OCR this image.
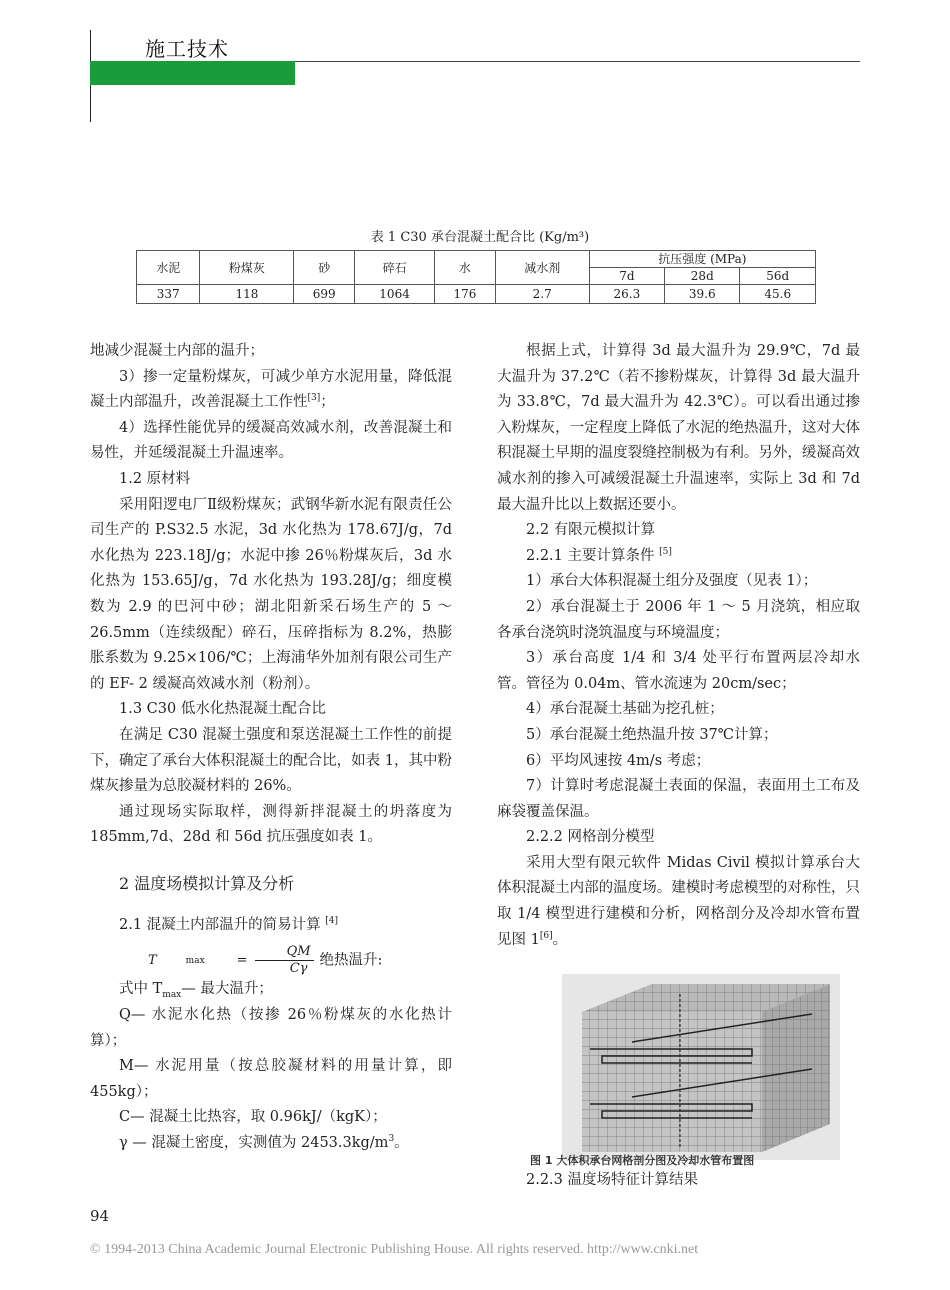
施工技术
表 1 C30 承台混凝土配合比 (Kg/m³)
水泥	粉煤灰	砂	碎石	水	减水剂	抗压强度 (MPa)		
						7d	28d	56d
337	118	699	1064	176	2.7	26.3	39.6	45.6

地减少混凝土内部的温升；

3）掺一定量粉煤灰，可减少单方水泥用量，降低混凝土内部温升，改善混凝土工作性[3]；

4）选择性能优异的缓凝高效减水剂，改善混凝土和易性，并延缓混凝土升温速率。

1.2 原材料

采用阳逻电厂Ⅱ级粉煤灰；武钢华新水泥有限责任公司生产的 P.S32.5 水泥，3d 水化热为 178.67J/g，7d 水化热为 223.18J/g；水泥中掺 26％粉煤灰后，3d 水化热为 153.65J/g，7d 水化热为 193.28J/g；细度模数为 2.9 的巴河中砂；湖北阳新采石场生产的 5 ～ 26.5mm（连续级配）碎石，压碎指标为 8.2%，热膨胀系数为 9.25×106/℃；上海浦华外加剂有限公司生产的 EF- 2 缓凝高效减水剂（粉剂）。

1.3 C30 低水化热混凝土配合比

在满足 C30 混凝土强度和泵送混凝土工作性的前提下，确定了承台大体积混凝土的配合比，如表 1，其中粉煤灰掺量为总胶凝材料的 26%。

通过现场实际取样，测得新拌混凝土的坍落度为 185mm,7d、28d 和 56d 抗压强度如表 1。

2 温度场模拟计算及分析

2.1 混凝土内部温升的简易计算 [4]

T	max	= $\frac{QM}{C\gamma}$ 绝热温升:

式中 $T_{max}—$ 最大温升；

Q— 水泥水化热（按掺 26％粉煤灰的水化热计算）；

M— 水泥用量（按总胶凝材料的用量计算，即 455kg）；

C— 混凝土比热容，取 0.96kJ/（kgK）；

γ — 混凝土密度，实测值为 $2453.3kg/m^3$。

根据上式，计算得 3d 最大温升为 29.9℃，7d 最大温升为 37.2℃（若不掺粉煤灰，计算得 3d 最大温升为 33.8℃，7d 最大温升为 42.3℃）。可以看出通过掺入粉煤灰，一定程度上降低了水泥的绝热温升，这对大体积混凝土早期的温度裂缝控制极为有利。另外，缓凝高效减水剂的掺入可减缓混凝土升温速率，实际上 3d 和 7d 最大温升比以上数据还要小。

2.2 有限元模拟计算

2.2.1 主要计算条件 [5]

1）承台大体积混凝土组分及强度（见表 1）；

2）承台混凝土于 2006 年 1 ～ 5 月浇筑，相应取各承台浇筑时浇筑温度与环境温度；

3）承台高度 1/4 和 3/4 处平行布置两层冷却水管。管径为 0.04m、管水流速为 20cm/sec；

4）承台混凝土基础为挖孔桩；

5）承台混凝土绝热温升按 37℃计算；

6）平均风速按 4m/s 考虑；

7）计算时考虑混凝土表面的保温，表面用土工布及麻袋覆盖保温。

2.2.2 网格剖分模型

采用大型有限元软件 Midas Civil 模拟计算承台大体积混凝土内部的温度场。建模时考虑模型的对称性，只取 1/4 模型进行建模和分析，网格剖分及冷却水管布置见图 1[6]。

图 1 大体积承台网格剖分图及冷却水管布置图
2.2.3 温度场特征计算结果
94
© 1994-2013 China Academic Journal Electronic Publishing House. All rights reserved. http://www.cnki.net
